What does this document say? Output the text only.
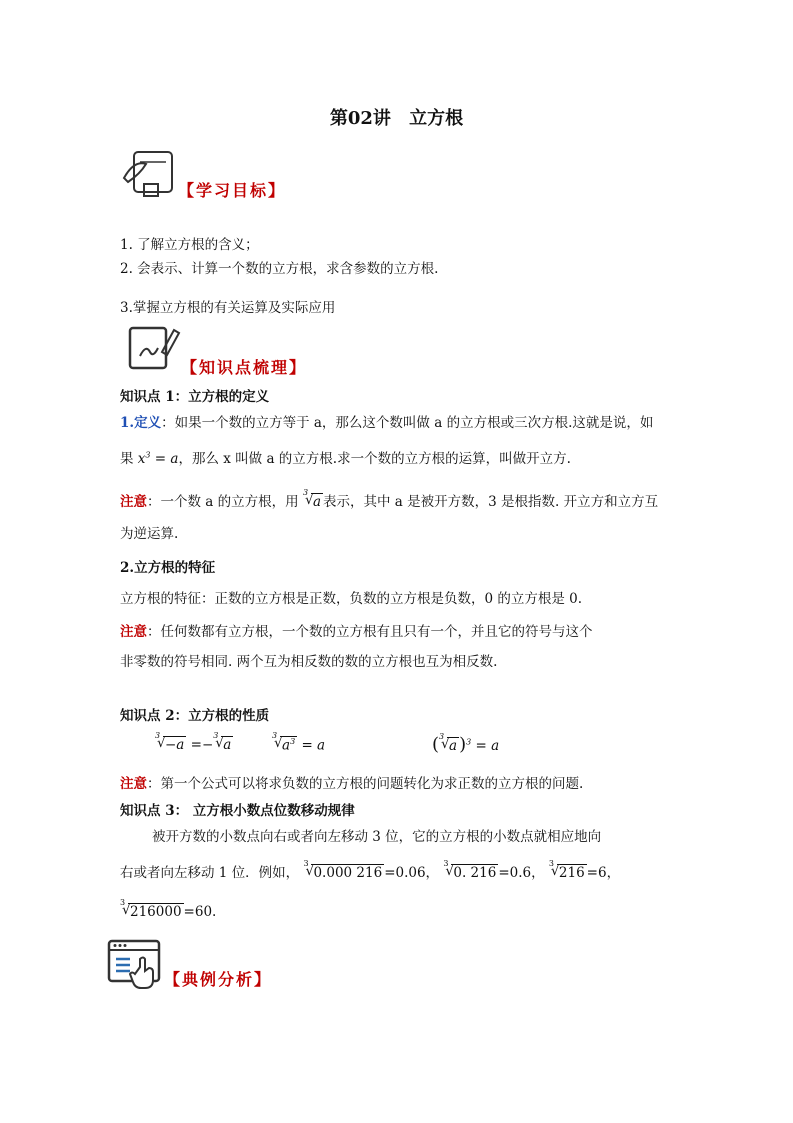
第02讲 立方根
【学习目标】
1. 了解立方根的含义；
2. 会表示、计算一个数的立方根，求含参数的立方根.
3.掌握立方根的有关运算及实际应用
【知识点梳理】
知识点 1：立方根的定义
1.定义：如果一个数的立方等于 a，那么这个数叫做 a 的立方根或三次方根.这就是说，如
果 $x^3 = a$，那么 x 叫做 a 的立方根.求一个数的立方根的运算，叫做开立方.
注意：一个数 a 的立方根，用
3
√ a 表示，其中 a 是被开方数，3 是根指数. 开立方和立方互
为逆运算.
2.立方根的特征
立方根的特征：正数的立方根是正数，负数的立方根是负数，0 的立方根是 0.
注意：任何数都有立方根，一个数的立方根有且只有一个，并且它的符号与这个
非零数的符号相同. 两个互为相反数的数的立方根也互为相反数.
知识点 2：立方根的性质
3
√ −a =−
3
√ a
3
√ $a^3 = a$	( 3
√ a )$^3$ = a
注意：第一个公式可以将求负数的立方根的问题转化为求正数的立方根的问题.
知识点 3： 立方根小数点位数移动规律
被开方数的小数点向右或者向左移动 3 位，它的立方根的小数点就相应地向
右或者向左移动 1 位．例如，
3
√ 0.000 216 =0.06，
3
√ 0. 216 =0.6，
3
√ 216 =6，
3
√ 216000 =60.
【典例分析】
